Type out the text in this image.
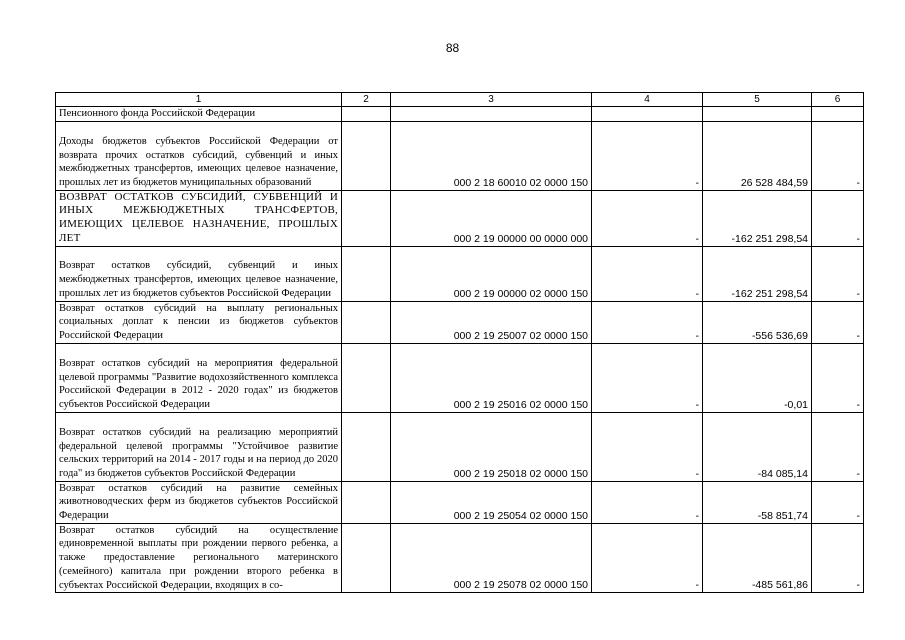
88
1	2	3	4	5	6
Пенсионного фонда Российской Федерации					
Доходы бюджетов субъектов Российской Федерации от возврата прочих остатков субсидий, субвенций и иных межбюджетных трансфертов, имеющих целевое назначение, прошлых лет из бюджетов муниципальных образований		000 2 18 60010 02 0000 150	-	26 528 484,59	-
ВОЗВРАТ ОСТАТКОВ СУБСИДИЙ, СУБВЕНЦИЙ И ИНЫХ МЕЖБЮДЖЕТНЫХ ТРАНСФЕРТОВ, ИМЕЮЩИХ ЦЕЛЕВОЕ НАЗНАЧЕНИЕ, ПРОШЛЫХ ЛЕТ		000 2 19 00000 00 0000 000	-	-162 251 298,54	-
Возврат остатков субсидий, субвенций и иных межбюджетных трансфертов, имеющих целевое назначение, прошлых лет из бюджетов субъектов Российской Федерации		000 2 19 00000 02 0000 150	-	-162 251 298,54	-
Возврат остатков субсидий на выплату региональных социальных доплат к пенсии из бюджетов субъектов Российской Федерации		000 2 19 25007 02 0000 150	-	-556 536,69	-
Возврат остатков субсидий на мероприятия федеральной целевой программы "Развитие водохозяйственного комплекса Российской Федерации в 2012 - 2020 годах" из бюджетов субъектов Российской Федерации		000 2 19 25016 02 0000 150	-	-0,01	-
Возврат остатков субсидий на реализацию мероприятий федеральной целевой программы "Устойчивое развитие сельских территорий на 2014 - 2017 годы и на период до 2020 года" из бюджетов субъектов Российской Федерации		000 2 19 25018 02 0000 150	-	-84 085,14	-
Возврат остатков субсидий на развитие семейных животноводческих ферм из бюджетов субъектов Российской Федерации		000 2 19 25054 02 0000 150	-	-58 851,74	-
Возврат остатков субсидий на осуществление единовременной выплаты при рождении первого ребенка, а также предоставление регионального материнского (семейного) капитала при рождении второго ребенка в субъектах Российской Федерации, входящих в со-		000 2 19 25078 02 0000 150	-	-485 561,86	-
